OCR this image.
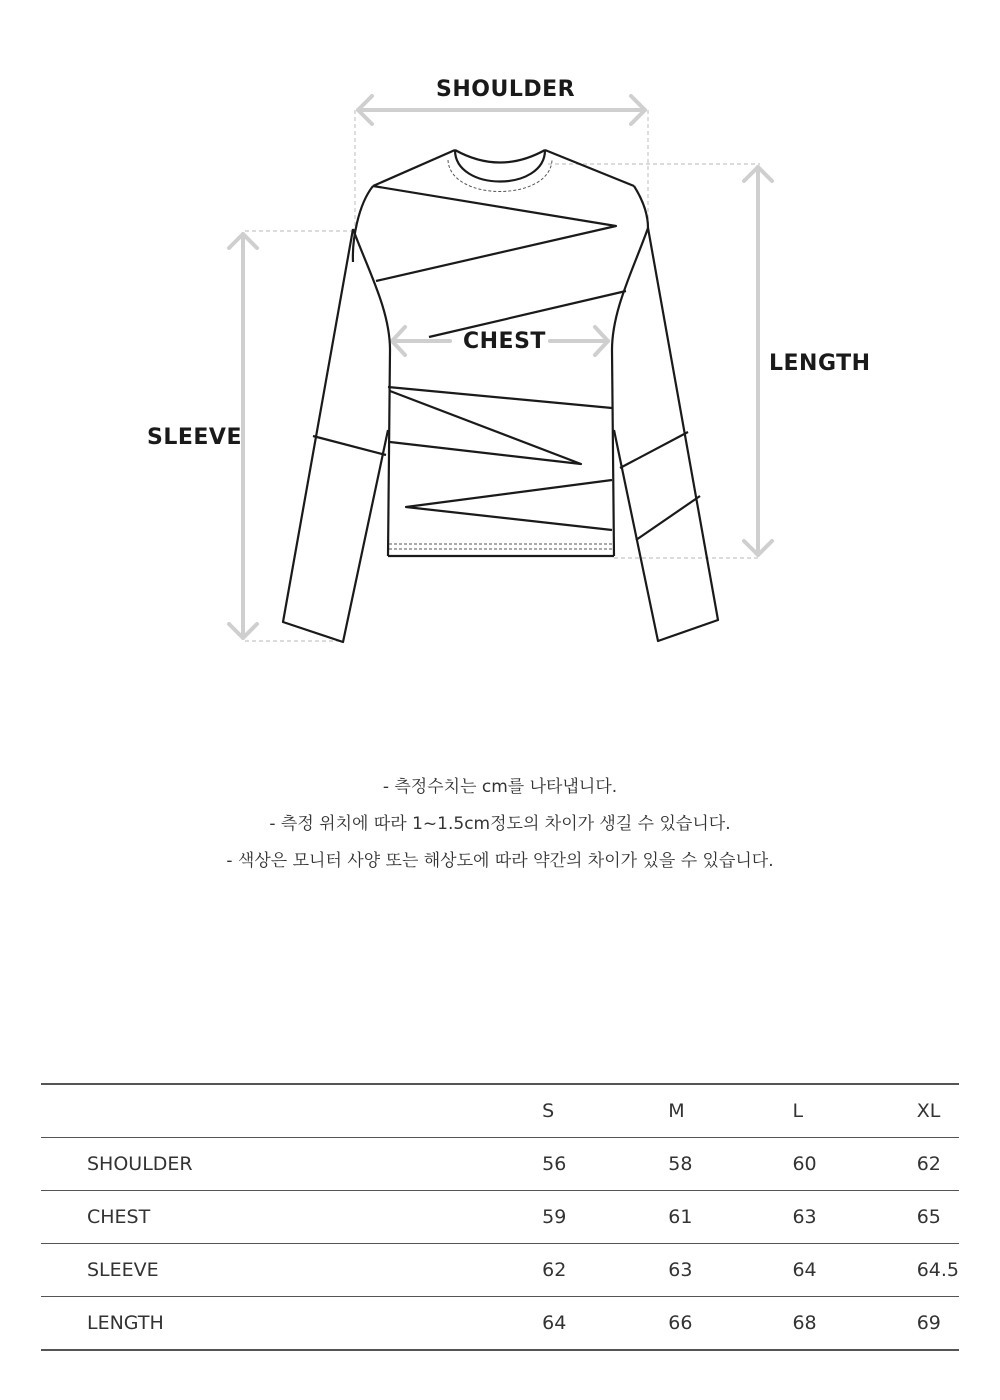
SHOULDER
CHEST
SLEEVE
LENGTH
- 측정수치는 cm를 나타냅니다.
- 측정 위치에 따라 1~1.5cm정도의 차이가 생길 수 있습니다.
- 색상은 모니터 사양 또는 해상도에 따라 약간의 차이가 있을 수 있습니다.
	S	M	L	XL
SHOULDER	56	58	60	62
CHEST	59	61	63	65
SLEEVE	62	63	64	64.5
LENGTH	64	66	68	69
